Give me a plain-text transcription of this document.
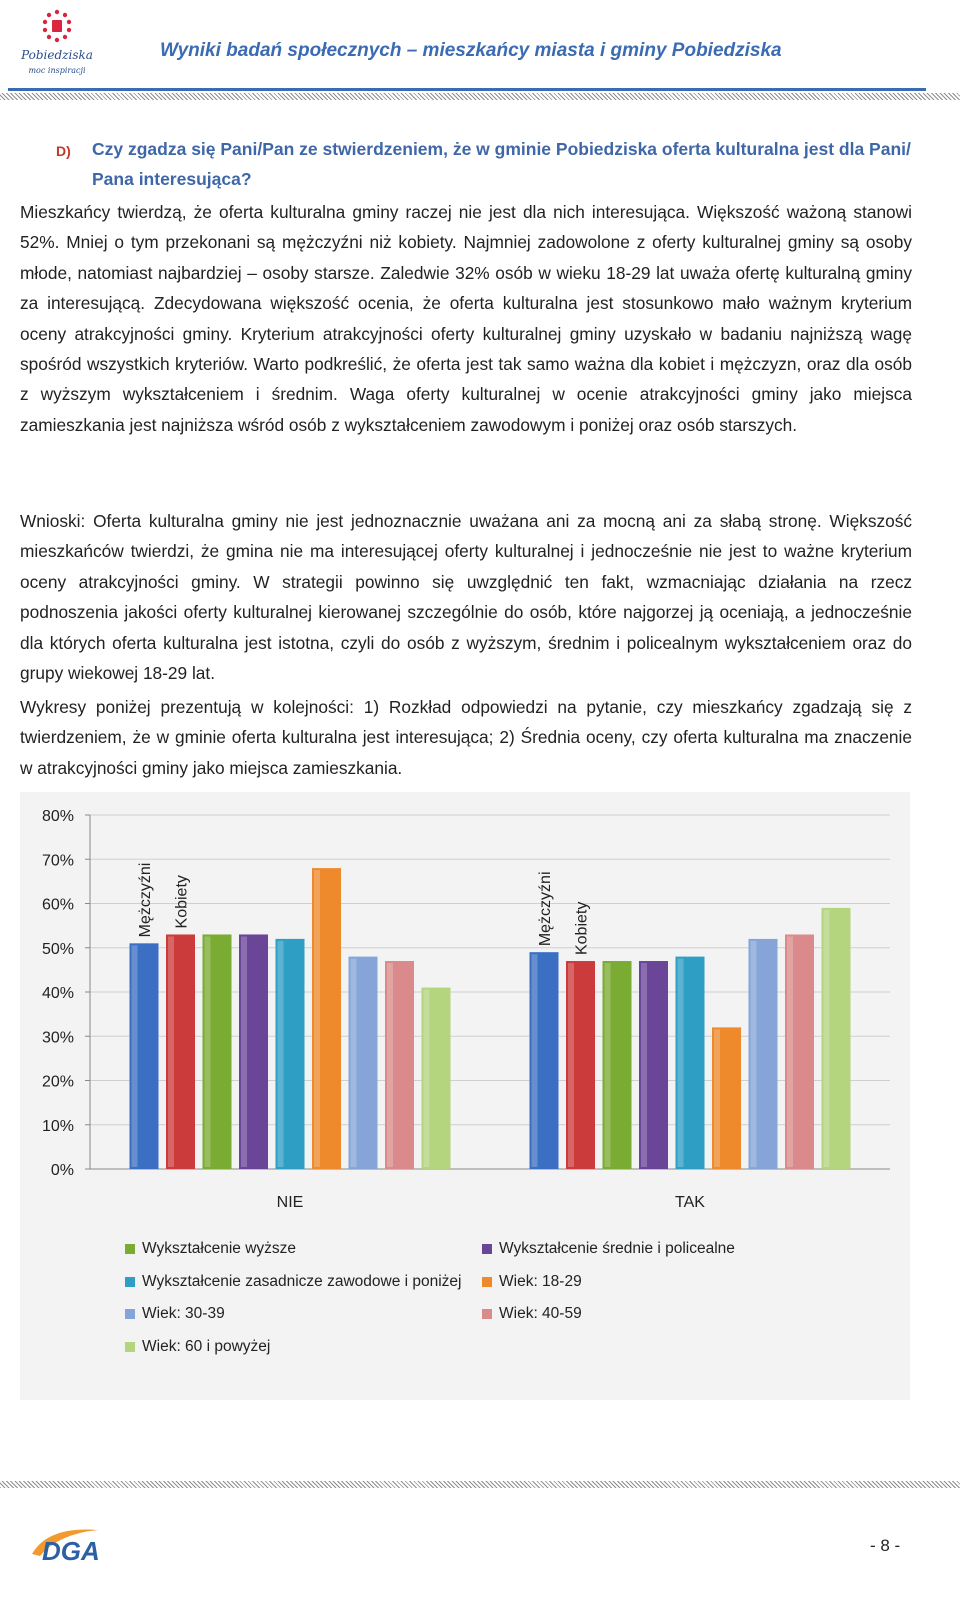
Pobiedziska
moc inspiracji
Wyniki badań społecznych – mieszkańcy miasta i gminy Pobiedziska
D) Czy zgadza się Pani/Pan ze stwierdzeniem, że w gminie Pobiedziska oferta kulturalna jest dla Pani/ Pana interesująca?

Mieszkańcy twierdzą, że oferta kulturalna gminy raczej nie jest dla nich interesująca. Większość ważoną stanowi 52%. Mniej o tym przekonani są mężczyźni niż kobiety. Najmniej zadowolone z oferty kulturalnej gminy są osoby młode, natomiast najbardziej – osoby starsze. Zaledwie 32% osób w wieku 18-29 lat uważa ofertę kulturalną gminy za interesującą. Zdecydowana większość ocenia, że oferta kulturalna jest stosunkowo mało ważnym kryterium oceny atrakcyjności gminy. Kryterium atrakcyjności oferty kulturalnej gminy uzyskało w badaniu najniższą wagę spośród wszystkich kryteriów. Warto podkreślić, że oferta jest tak samo ważna dla kobiet i mężczyzn, oraz dla osób z wyższym wykształceniem i średnim. Waga oferty kulturalnej w ocenie atrakcyjności gminy jako miejsca zamieszkania jest najniższa wśród osób z wykształceniem zawodowym i poniżej oraz osób starszych.

Wnioski: Oferta kulturalna gminy nie jest jednoznacznie uważana ani za mocną ani za słabą stronę. Większość mieszkańców twierdzi, że gmina nie ma interesującej oferty kulturalnej i jednocześnie nie jest to ważne kryterium oceny atrakcyjności gminy. W strategii powinno się uwzględnić ten fakt, wzmacniając działania na rzecz podnoszenia jakości oferty kulturalnej kierowanej szczególnie do osób, które najgorzej ją oceniają, a jednocześnie dla których oferta kulturalna jest istotna, czyli do osób z wyższym, średnim i policealnym wykształceniem oraz do grupy wiekowej 18-29 lat.

Wykresy poniżej prezentują w kolejności: 1) Rozkład odpowiedzi na pytanie, czy mieszkańcy zgadzają się z twierdzeniem, że w gminie oferta kulturalna jest interesująca; 2) Średnia oceny, czy oferta kulturalna ma znaczenie w atrakcyjności gminy jako miejsca zamieszkania.

0%
10%
20%
30%
40%
50%
60%
70%
80%
Mężczyźni Kobiety
NIE
Mężczyźni Kobiety
TAK
Wykształcenie wyższe	Wykształcenie średnie i policealne
Wykształcenie zasadnicze zawodowe i poniżej Wiek: 18-29
Wiek: 30-39	Wiek: 40-59
Wiek: 60 i powyżej
DGA	- 8 -
